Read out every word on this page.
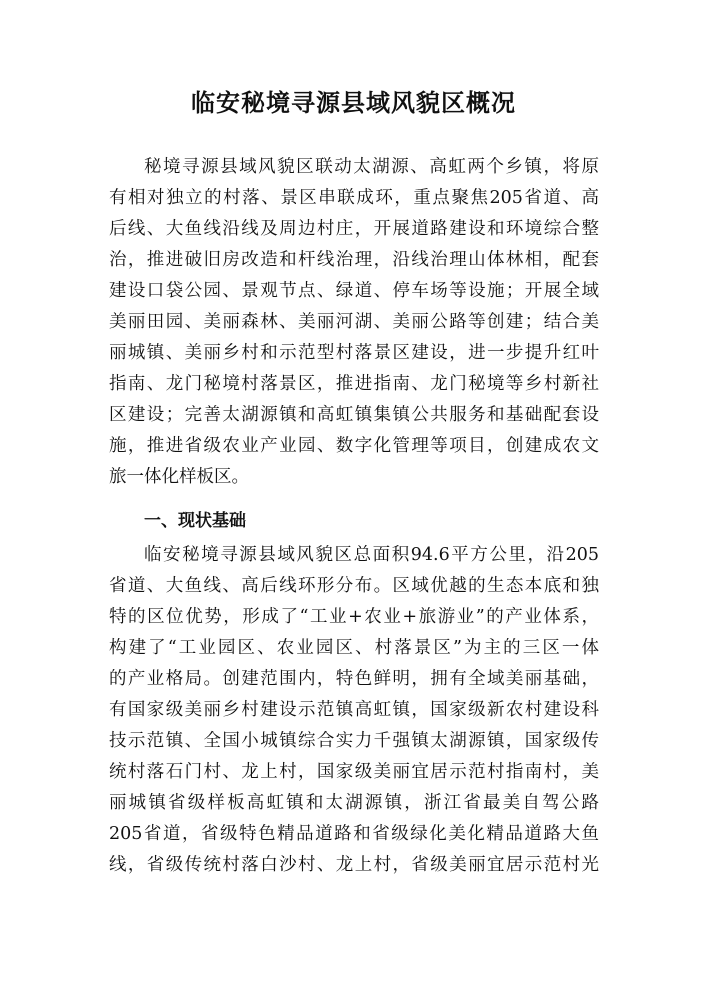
临安秘境寻源县域风貌区概况
秘境寻源县域风貌区联动太湖源、高虹两个乡镇，将原
有相对独立的村落、景区串联成环，重点聚焦205省道、高
后线、大鱼线沿线及周边村庄，开展道路建设和环境综合整
治，推进破旧房改造和杆线治理，沿线治理山体林相，配套
建设口袋公园、景观节点、绿道、停车场等设施；开展全域
美丽田园、美丽森林、美丽河湖、美丽公路等创建；结合美
丽城镇、美丽乡村和示范型村落景区建设，进一步提升红叶
指南、龙门秘境村落景区，推进指南、龙门秘境等乡村新社
区建设；完善太湖源镇和高虹镇集镇公共服务和基础配套设
施，推进省级农业产业园、数字化管理等项目，创建成农文
旅一体化样板区。
一、现状基础
临安秘境寻源县域风貌区总面积94.6平方公里，沿205
省道、大鱼线、高后线环形分布。区域优越的生态本底和独
特的区位优势，形成了“工业+农业+旅游业”的产业体系，
构建了“工业园区、农业园区、村落景区”为主的三区一体
的产业格局。创建范围内，特色鲜明，拥有全域美丽基础，
有国家级美丽乡村建设示范镇高虹镇，国家级新农村建设科
技示范镇、全国小城镇综合实力千强镇太湖源镇，国家级传
统村落石门村、龙上村，国家级美丽宜居示范村指南村，美
丽城镇省级样板高虹镇和太湖源镇，浙江省最美自驾公路
205省道，省级特色精品道路和省级绿化美化精品道路大鱼
线，省级传统村落白沙村、龙上村，省级美丽宜居示范村光
